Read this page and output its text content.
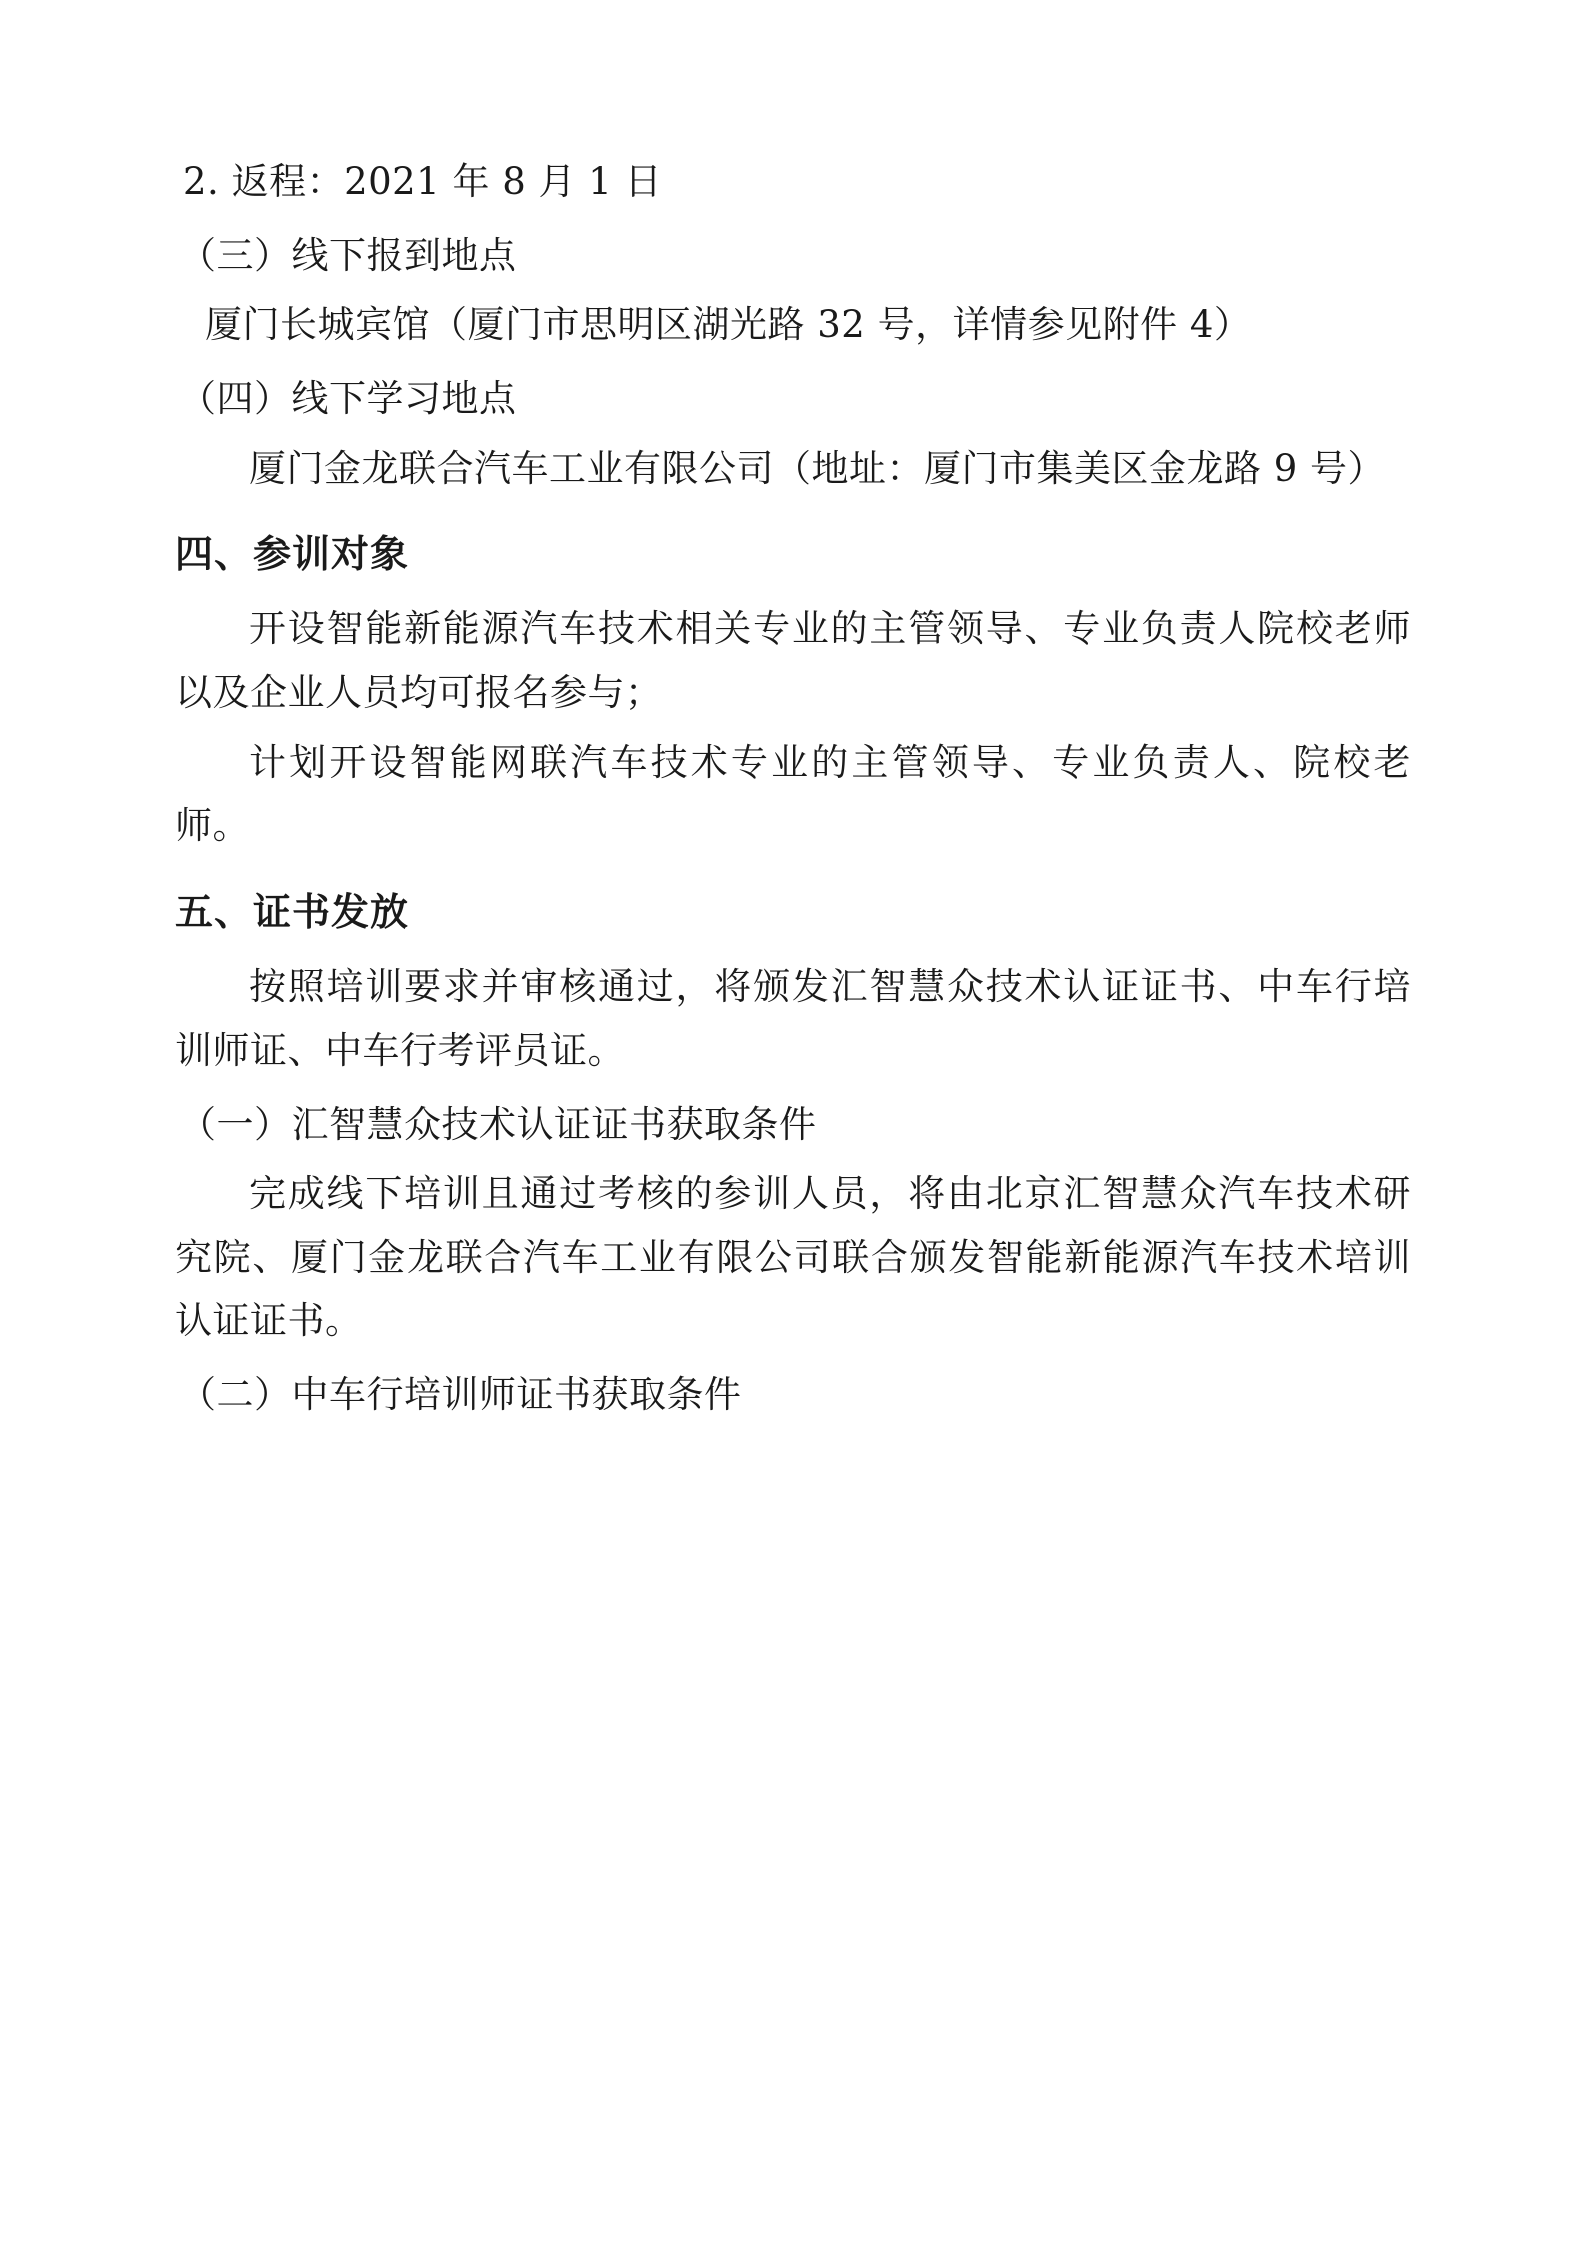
2. 返程：2021 年 8 月 1 日

（三）线下报到地点

厦门长城宾馆（厦门市思明区湖光路 32 号，详情参见附件 4）

（四）线下学习地点

厦门金龙联合汽车工业有限公司（地址：厦门市集美区金龙路 9 号）

四、参训对象

开设智能新能源汽车技术相关专业的主管领导、专业负责人院校老师以及企业人员均可报名参与；

计划开设智能网联汽车技术专业的主管领导、专业负责人、院校老师。

五、证书发放

按照培训要求并审核通过，将颁发汇智慧众技术认证证书、中车行培训师证、中车行考评员证。

（一）汇智慧众技术认证证书获取条件

完成线下培训且通过考核的参训人员，将由北京汇智慧众汽车技术研究院、厦门金龙联合汽车工业有限公司联合颁发智能新能源汽车技术培训认证证书。

（二）中车行培训师证书获取条件
